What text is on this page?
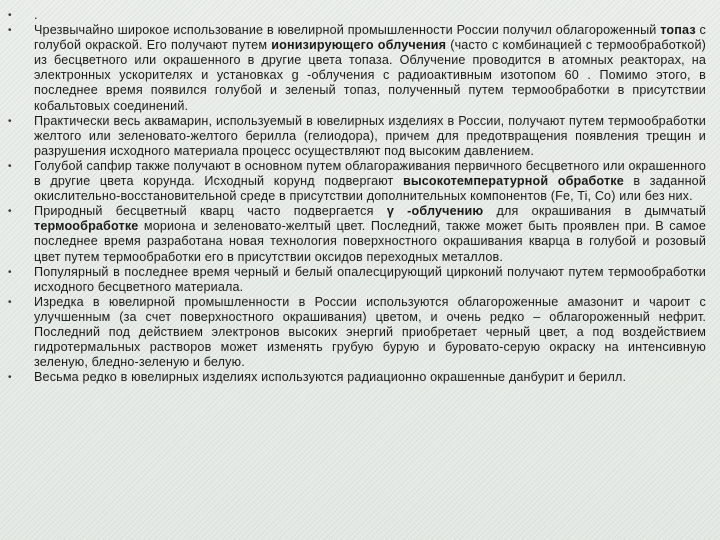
• .
• Чрезвычайно широкое использование в ювелирной промышленности России получил облагороженный топаз с голубой окраской. Его получают путем ионизирующего облучения (часто с комбинацией с термообработкой) из бесцветного или окрашенного в другие цвета топаза. Облучение проводится в атомных реакторах, на электронных ускорителях и установках g -облучения с радиоактивным изотопом 60 . Помимо этого, в последнее время появился голубой и зеленый топаз, полученный путем термообработки в присутствии кобальтовых соединений.
• Практически весь аквамарин, используемый в ювелирных изделиях в России, получают путем термообработки желтого или зеленовато-желтого берилла (гелиодора), причем для предотвращения появления трещин и разрушения исходного материала процесс осуществляют под высоким давлением.
• Голубой сапфир также получают в основном путем облагораживания первичного бесцветного или окрашенного в другие цвета корунда. Исходный корунд подвергают высокотемпературной обработке в заданной окислительно-восстановительной среде в присутствии дополнительных компонентов (Fe, Ti, Co) или без них.
• Природный бесцветный кварц часто подвергается γ -облучению для окрашивания в дымчатый термообработке мориона и зеленовато-желтый цвет. Последний, также может быть проявлен при. В самое последнее время разработана новая технология поверхностного окрашивания кварца в голубой и розовый цвет путем термообработки его в присутствии оксидов переходных металлов.
• Популярный в последнее время черный и белый опалесцирующий цирконий получают путем термообработки исходного бесцветного материала.
• Изредка в ювелирной промышленности в России используются облагороженные амазонит и чароит с улучшенным (за счет поверхностного окрашивания) цветом, и очень редко – облагороженный нефрит. Последний под действием электронов высоких энергий приобретает черный цвет, а под воздействием гидротермальных растворов может изменять грубую бурую и буровато-серую окраску на интенсивную зеленую, бледно-зеленую и белую.
• Весьма редко в ювелирных изделиях используются радиационно окрашенные данбурит и берилл.
